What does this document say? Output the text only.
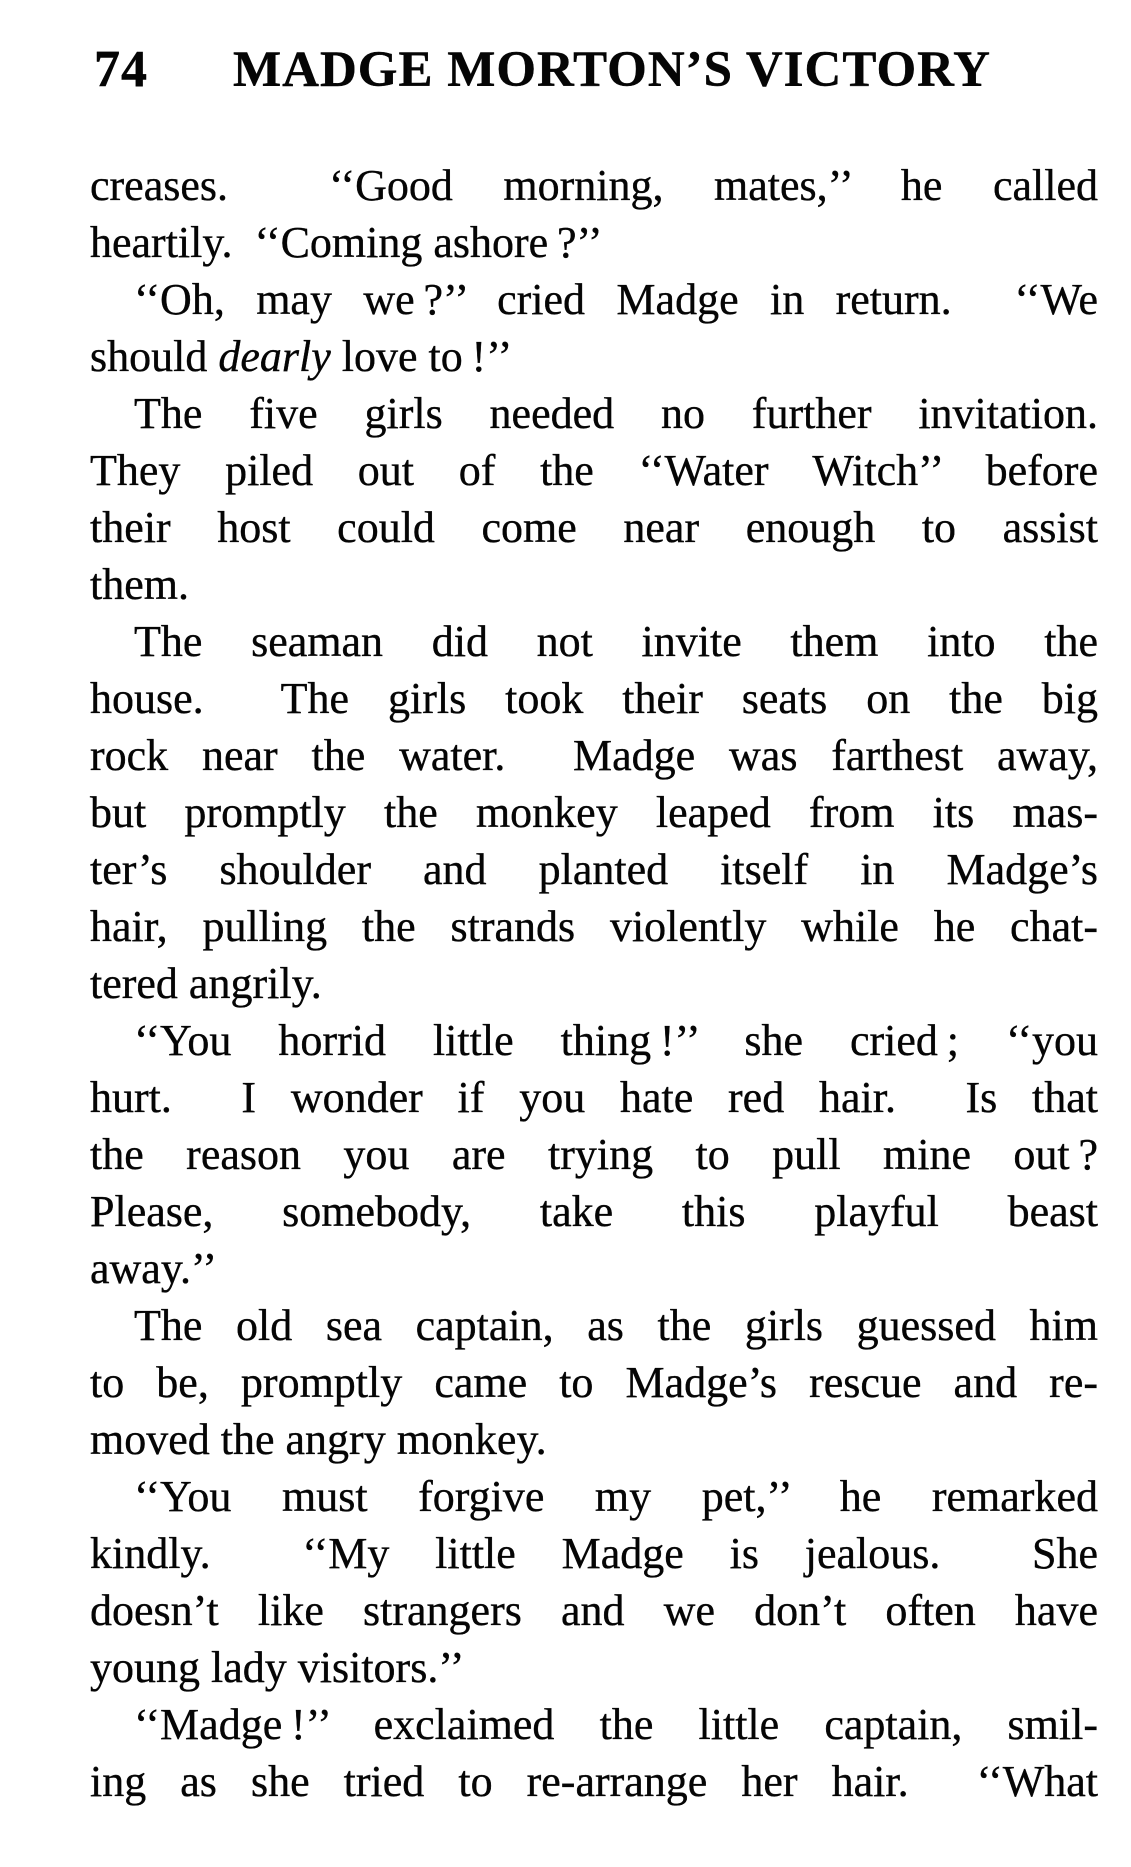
74 MADGE MORTON’S VICTORY
creases.  ‘‘Good morning, mates,’’ he called
heartily.  ‘‘Coming ashore ?’’
‘‘Oh, may we ?’’ cried Madge in return.  ‘‘We
should dearly love to !’’
The five girls needed no further invitation.
They piled out of the ‘‘Water Witch’’ before
their host could come near enough to assist
them.
The seaman did not invite them into the
house.  The girls took their seats on the big
rock near the water.  Madge was farthest away,
but promptly the monkey leaped from its mas-
ter’s shoulder and planted itself in Madge’s
hair, pulling the strands violently while he chat-
tered angrily.
‘‘You horrid little thing !’’ she cried ; ‘‘you
hurt.  I wonder if you hate red hair.  Is that
the reason you are trying to pull mine out ?
Please, somebody, take this playful beast
away.’’
The old sea captain, as the girls guessed him
to be, promptly came to Madge’s rescue and re-
moved the angry monkey.
‘‘You must forgive my pet,’’ he remarked
kindly.  ‘‘My little Madge is jealous.  She
doesn’t like strangers and we don’t often have
young lady visitors.’’
‘‘Madge !’’ exclaimed the little captain, smil-
ing as she tried to re-arrange her hair.  ‘‘What
